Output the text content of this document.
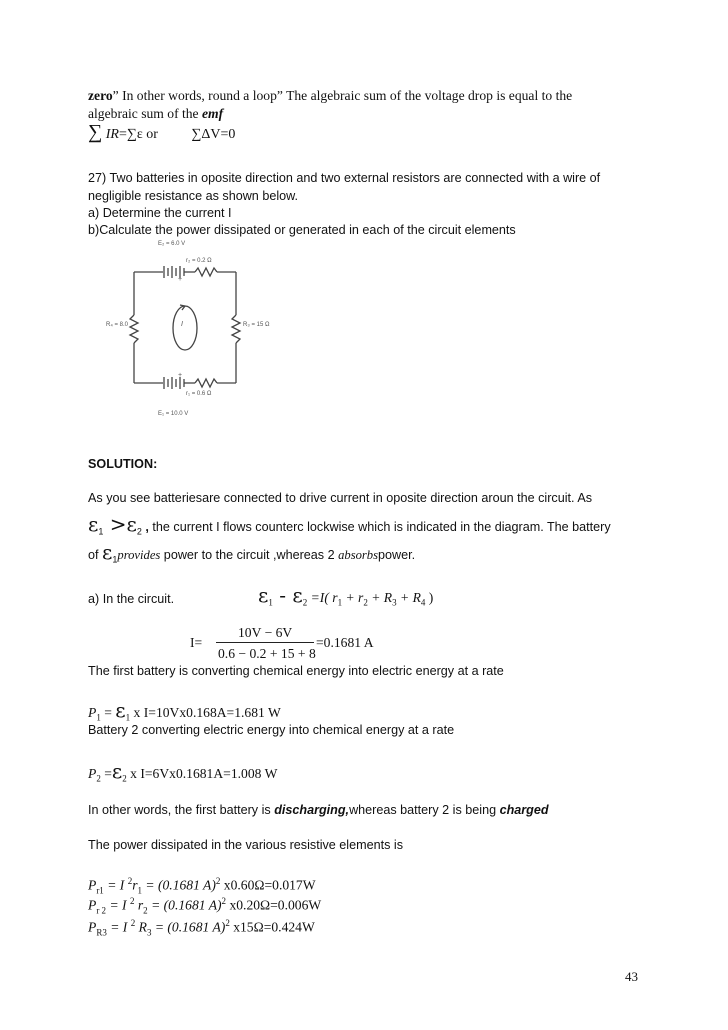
zero” In other words, round a loop” The algebraic sum of the voltage drop is equal to the
algebraic sum of the emf
∑ IR=∑ε or ∑ΔV=0
27) Two batteries in oposite direction and two external resistors are connected with a wire of
negligible resistance as shown below.
a) Determine the current I
b)Calculate the power dissipated or generated in each of the circuit elements
E₂ = 6.0 V
r₂ = 0.2 Ω
+
R₄ = 8.0	I	R₃ = 15 Ω
+
r₁ = 0.6 Ω
E₁ = 10.0 V
SOLUTION:
As you see batteriesare connected to drive current in oposite direction aroun the circuit. As
$\varepsilon_1 >\varepsilon_2$ , the current I flows counterc lockwise which is indicated in the diagram. The battery
of $\varepsilon_1provides$ power to the circuit ,whereas 2 absorbspower.
a) In the circuit.	$\varepsilon_1 - \varepsilon_2 =I$( $r_1 + r_2 + R_3 + R_4$ )
I=
10V − 6V
0.6 − 0.2 + 15 + 8
=0.1681 A
The first battery is converting chemical energy into electric energy at a rate
$P_1 = \varepsilon_1$ x I=10Vx0.168A=1.681 W
Battery 2 converting electric energy into chemical energy at a rate
$P_2 =\varepsilon_2$ x I=6Vx0.1681A=1.008 W
In other words, the first battery is discharging,whereas battery 2 is being charged
The power dissipated in the various resistive elements is
$P_{r1} = I$ $^2r_1 = (0.1681$ A)$^2$ x0.60Ω=0.017W
$P_{r 2} = I$ $^2$ $r_2 = (0.1681$ A)$^2$ x0.20Ω=0.006W
$P_{R3} = I$ $^2$ $R_3 = (0.1681$ A)$^2$ x15Ω=0.424W
43
